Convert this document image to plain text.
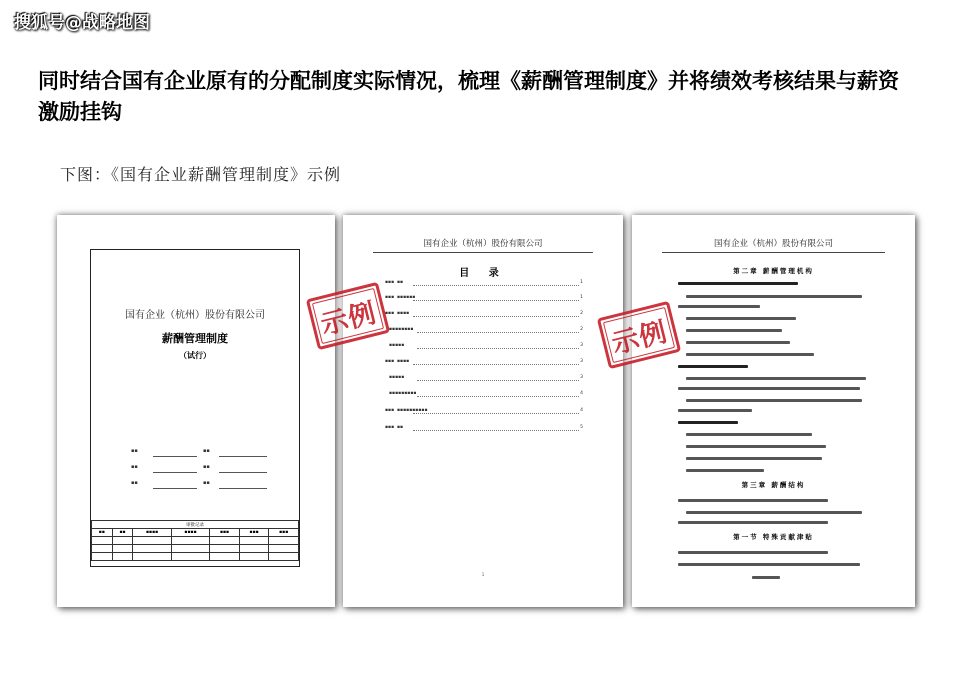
搜狐号@战略地图
同时结合国有企业原有的分配制度实际情况，梳理《薪酬管理制度》并将绩效考核结果与薪资激励挂钩
下图：《国有企业薪酬管理制度》示例
国有企业（杭州）股份有限公司
薪酬管理制度
（试行）
▪▪	▪▪
▪▪	▪▪
▪▪	▪▪
审批记录						
▪▪	▪▪	▪▪▪▪	▪▪▪▪	▪▪▪	▪▪▪	▪▪▪

国有企业（杭州）股份有限公司
目 录
▪▪▪  ▪▪	1
▪▪▪  ▪▪▪▪▪▪	1
▪▪▪  ▪▪▪▪	2
▪▪▪▪▪▪▪▪	2
▪▪▪▪▪	3
▪▪▪  ▪▪▪▪	3
▪▪▪▪▪	3
▪▪▪▪▪▪▪▪▪	4
▪▪▪  ▪▪▪▪▪▪▪▪▪▪	4
▪▪▪  ▪▪	5
1
国有企业（杭州）股份有限公司
第二章 薪酬管理机构
第三章 薪酬结构
第一节 特殊贡献津贴
示例	示例
